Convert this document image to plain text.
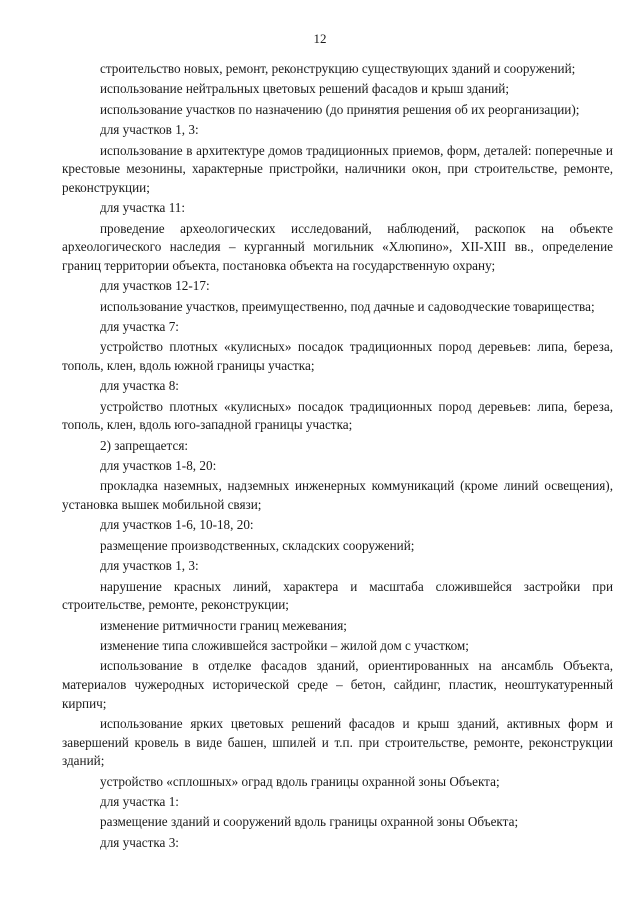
12

строительство новых, ремонт, реконструкцию существующих зданий и сооружений;

использование нейтральных цветовых решений фасадов и крыш зданий;

использование участков по назначению (до принятия решения об их реорганизации);

для участков 1, 3:

использование в архитектуре домов традиционных приемов, форм, деталей: поперечные и крестовые мезонины, характерные пристройки, наличники окон, при строительстве, ремонте, реконструкции;

для участка 11:

проведение археологических исследований, наблюдений, раскопок на объекте археологического наследия – курганный могильник «Хлюпино», XII-XIII вв., определение границ территории объекта, постановка объекта на государственную охрану;

для участков 12-17:

использование участков, преимущественно, под дачные и садоводческие товарищества;

для участка 7:

устройство плотных «кулисных» посадок традиционных пород деревьев: липа, береза, тополь, клен, вдоль южной границы участка;

для участка 8:

устройство плотных «кулисных» посадок традиционных пород деревьев: липа, береза, тополь, клен, вдоль юго-западной границы участка;

2) запрещается:

для участков 1-8, 20:

прокладка наземных, надземных инженерных коммуникаций (кроме линий освещения), установка вышек мобильной связи;

для участков 1-6, 10-18, 20:

размещение производственных, складских сооружений;

для участков 1, 3:

нарушение красных линий, характера и масштаба сложившейся застройки при строительстве, ремонте, реконструкции;

изменение ритмичности границ межевания;

изменение типа сложившейся застройки – жилой дом с участком;

использование в отделке фасадов зданий, ориентированных на ансамбль Объекта, материалов чужеродных исторической среде – бетон, сайдинг, пластик, неоштукатуренный кирпич;

использование ярких цветовых решений фасадов и крыш зданий, активных форм и завершений кровель в виде башен, шпилей и т.п. при строительстве, ремонте, реконструкции зданий;

устройство «сплошных» оград вдоль границы охранной зоны Объекта;

для участка 1:

размещение зданий и сооружений вдоль границы охранной зоны Объекта;

для участка 3:
